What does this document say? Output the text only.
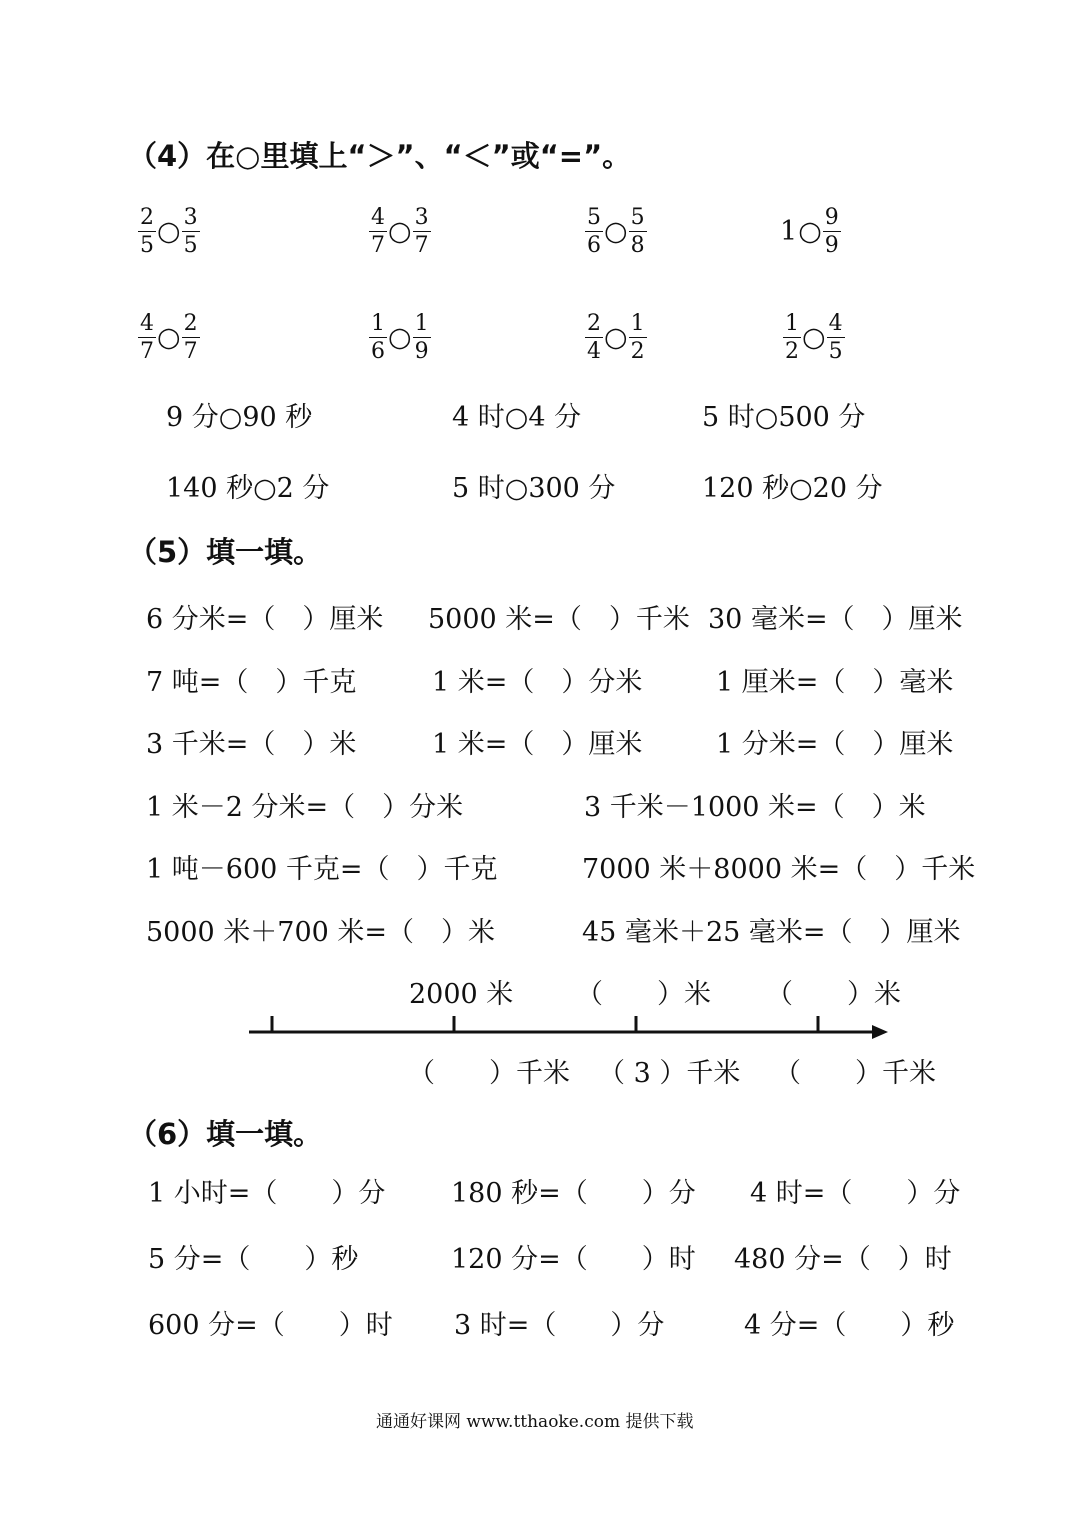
（4）在○里填上“＞”、“＜”或“=”。
$\frac{2}{5}$ ○ $\frac{3}{5}$	$\frac{4}{7}$ ○ $\frac{3}{7}$	$\frac{5}{6}$ ○ $\frac{5}{8}$	1 ○ $\frac{9}{9}$
$\frac{4}{7}$ ○ $\frac{2}{7}$	$\frac{1}{6}$ ○ $\frac{1}{9}$	$\frac{2}{4}$ ○ $\frac{1}{2}$	$\frac{1}{2}$ ○ $\frac{4}{5}$
9 分○90 秒	4 时○4 分	5 时○500 分
140 秒○2 分	5 时○300 分	120 秒○20 分
（5）填一填。
6 分米=（　）厘米 5000 米=（　）千米 30 毫米=（　）厘米
7 吨=（　）千克	1 米=（　）分米	1 厘米=（　）毫米
3 千米=（　）米	1 米=（　）厘米	1 分米=（　）厘米
1 米－2 分米=（　）分米	3 千米－1000 米=（　）米
1 吨－600 千克=（　）千克	7000 米＋8000 米=（　）千米
5000 米＋700 米=（　）米	45 毫米＋25 毫米=（　）厘米
2000 米 （　　）米 （　　）米
（　　）千米 （ 3 ）千米 （　　）千米
（6）填一填。
1 小时=（　　）分 180 秒=（　　）分 4 时=（　　）分
5 分=（　　）秒	120 分=（　　）时 480 分=（　）时
600 分=（　　）时 3 时=（　　）分	4 分=（　　）秒
通通好课网 www.tthaoke.com 提供下载
